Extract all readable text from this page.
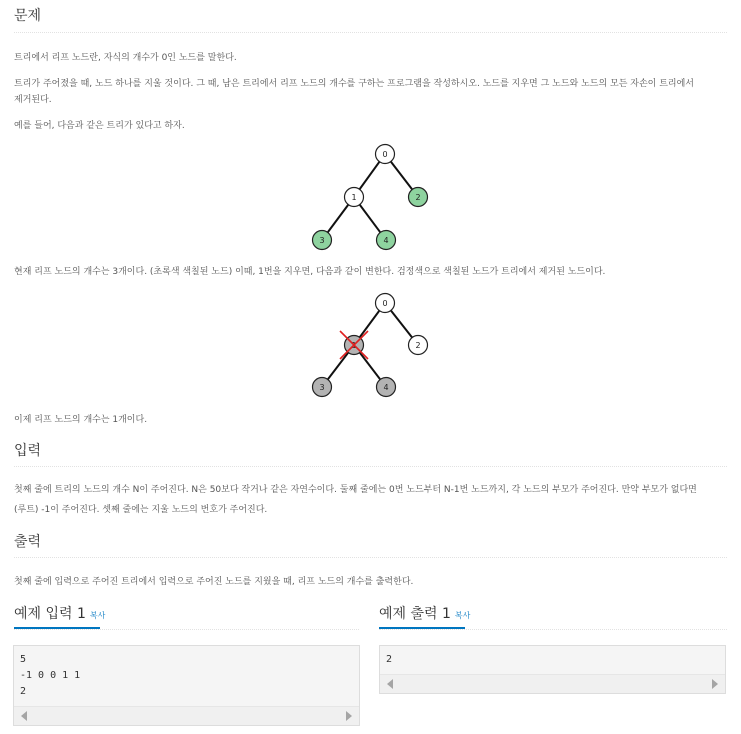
문제

트리에서 리프 노드란, 자식의 개수가 0인 노드를 말한다.

트리가 주어졌을 때, 노드 하나를 지울 것이다. 그 때, 남은 트리에서 리프 노드의 개수를 구하는 프로그램을 작성하시오. 노드를 지우면 그 노드와 노드의 모든 자손이 트리에서

제거된다.

예를 들어, 다음과 같은 트리가 있다고 하자.

0
1	2
3	4

현재 리프 노드의 개수는 3개이다. (초록색 색칠된 노드) 이때, 1번을 지우면, 다음과 같이 변한다. 검정색으로 색칠된 노드가 트리에서 제거된 노드이다.

0
2
3	4

이제 리프 노드의 개수는 1개이다.

입력

첫째 줄에 트리의 노드의 개수 N이 주어진다. N은 50보다 작거나 같은 자연수이다. 둘째 줄에는 0번 노드부터 N-1번 노드까지, 각 노드의 부모가 주어진다. 만약 부모가 없다면

(루트) -1이 주어진다. 셋째 줄에는 지울 노드의 번호가 주어진다.

출력

첫째 줄에 입력으로 주어진 트리에서 입력으로 주어진 노드를 지웠을 때, 리프 노드의 개수를 출력한다.

예제 입력 1 복사
5
-1 0 0 1 1
2
예제 출력 1 복사
2
